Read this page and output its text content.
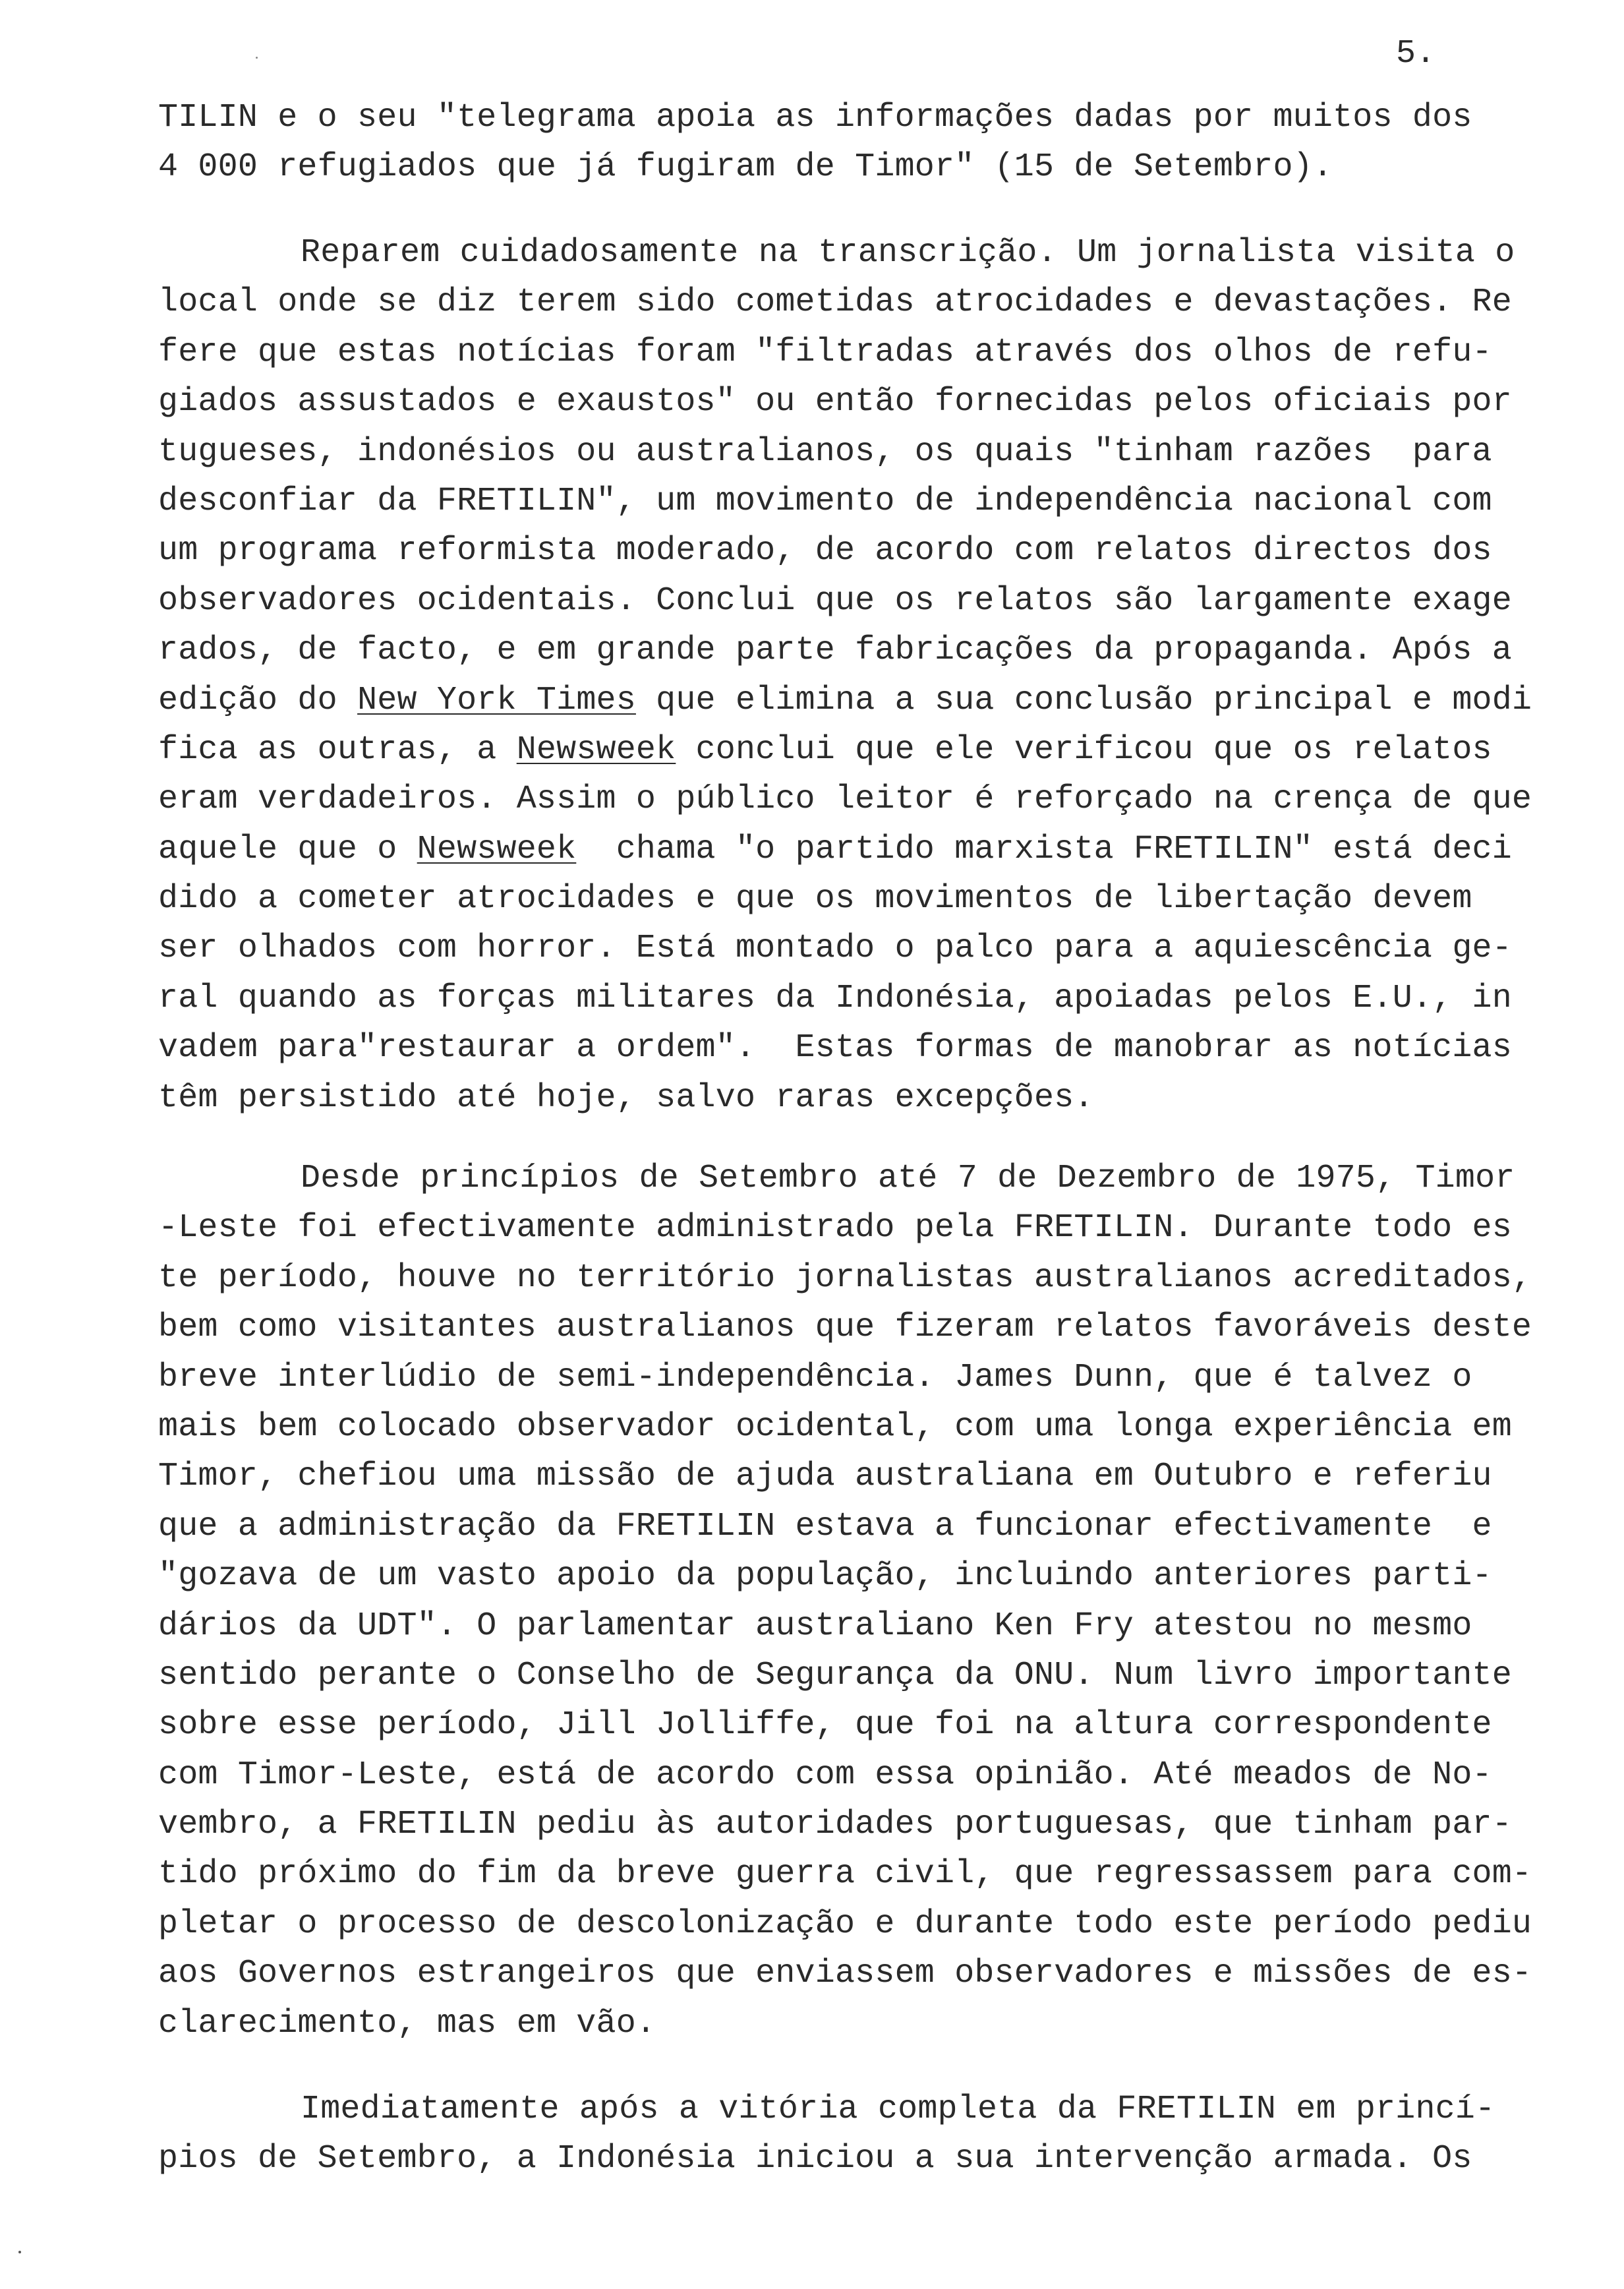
5.
TILIN e o seu "telegrama apoia as informações dadas por muitos dos
4 000 refugiados que já fugiram de Timor" (15 de Setembro).
Reparem cuidadosamente na transcrição. Um jornalista visita o
local onde se diz terem sido cometidas atrocidades e devastações. Re
fere que estas notícias foram "filtradas através dos olhos de refu-
giados assustados e exaustos" ou então fornecidas pelos oficiais por
tugueses, indonésios ou australianos, os quais "tinham razões  para
desconfiar da FRETILIN", um movimento de independência nacional com
um programa reformista moderado, de acordo com relatos directos dos
observadores ocidentais. Conclui que os relatos são largamente exage
rados, de facto, e em grande parte fabricações da propaganda. Após a
edição do New York Times que elimina a sua conclusão principal e modi
fica as outras, a Newsweek conclui que ele verificou que os relatos
eram verdadeiros. Assim o público leitor é reforçado na crença de que
aquele que o Newsweek  chama "o partido marxista FRETILIN" está deci
dido a cometer atrocidades e que os movimentos de libertação devem
ser olhados com horror. Está montado o palco para a aquiescência ge-
ral quando as forças militares da Indonésia, apoiadas pelos E.U., in
vadem para"restaurar a ordem".  Estas formas de manobrar as notícias
têm persistido até hoje, salvo raras excepções.
Desde princípios de Setembro até 7 de Dezembro de 1975, Timor
-Leste foi efectivamente administrado pela FRETILIN. Durante todo es
te período, houve no território jornalistas australianos acreditados,
bem como visitantes australianos que fizeram relatos favoráveis deste
breve interlúdio de semi-independência. James Dunn, que é talvez o
mais bem colocado observador ocidental, com uma longa experiência em
Timor, chefiou uma missão de ajuda australiana em Outubro e referiu
que a administração da FRETILIN estava a funcionar efectivamente  e
"gozava de um vasto apoio da população, incluindo anteriores parti-
dários da UDT". O parlamentar australiano Ken Fry atestou no mesmo
sentido perante o Conselho de Segurança da ONU. Num livro importante
sobre esse período, Jill Jolliffe, que foi na altura correspondente
com Timor-Leste, está de acordo com essa opinião. Até meados de No-
vembro, a FRETILIN pediu às autoridades portuguesas, que tinham par-
tido próximo do fim da breve guerra civil, que regressassem para com-
pletar o processo de descolonização e durante todo este período pediu
aos Governos estrangeiros que enviassem observadores e missões de es-
clarecimento, mas em vão.
Imediatamente após a vitória completa da FRETILIN em princí-
pios de Setembro, a Indonésia iniciou a sua intervenção armada. Os
